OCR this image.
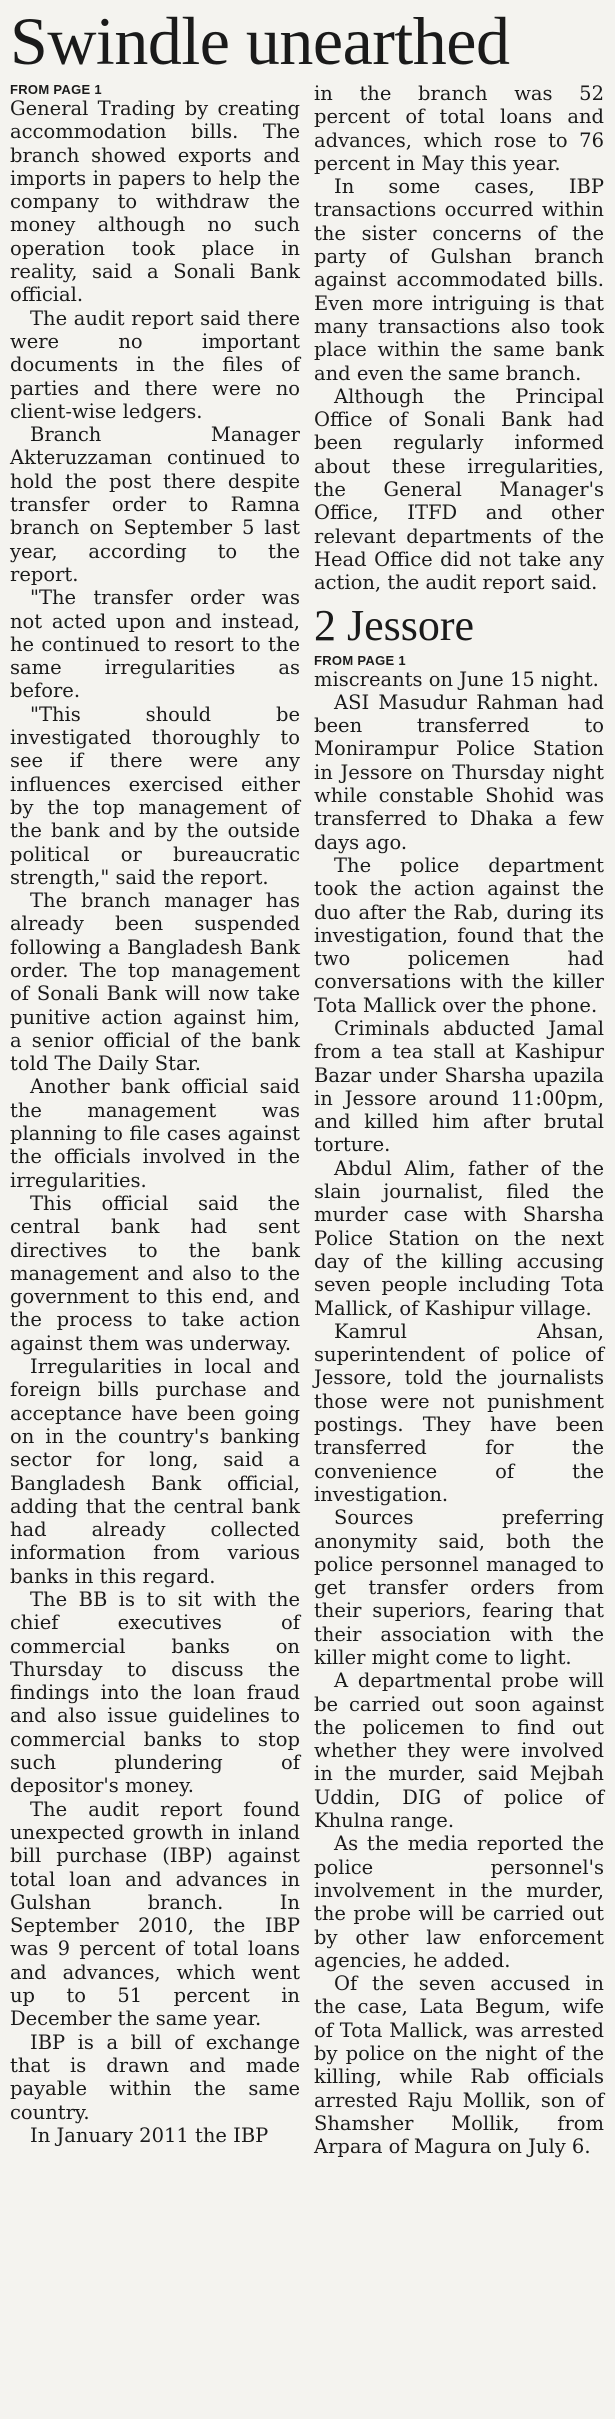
Swindle unearthed

FROM PAGE 1

General Trading by creating accommodation bills. The branch showed exports and imports in papers to help the company to withdraw the money although no such operation took place in reality, said a Sonali Bank official.

The audit report said there were no important documents in the files of parties and there were no client-wise ledgers.

Branch Manager Akteruzzaman continued to hold the post there despite transfer order to Ramna branch on September 5 last year, according to the report.

"The transfer order was not acted upon and instead, he continued to resort to the same irregularities as before.

"This should be investigated thoroughly to see if there were any influences exercised either by the top management of the bank and by the outside political or bureaucratic strength," said the report.

The branch manager has already been suspended following a Bangladesh Bank order. The top management of Sonali Bank will now take punitive action against him, a senior official of the bank told The Daily Star.

Another bank official said the management was planning to file cases against the officials involved in the irregularities.

This official said the central bank had sent directives to the bank management and also to the government to this end, and the process to take action against them was underway.

Irregularities in local and foreign bills purchase and acceptance have been going on in the country's banking sector for long, said a Bangladesh Bank official, adding that the central bank had already collected information from various banks in this regard.

The BB is to sit with the chief executives of commercial banks on Thursday to discuss the findings into the loan fraud and also issue guidelines to commercial banks to stop such plundering of depositor's money.

The audit report found unexpected growth in inland bill purchase (IBP) against total loan and advances in Gulshan branch. In September 2010, the IBP was 9 percent of total loans and advances, which went up to 51 percent in December the same year.

IBP is a bill of exchange that is drawn and made payable within the same country.

In January 2011 the IBP

in the branch was 52 percent of total loans and advances, which rose to 76 percent in May this year.

In some cases, IBP transactions occurred within the sister concerns of the party of Gulshan branch against accommodated bills. Even more intriguing is that many transactions also took place within the same bank and even the same branch.

Although the Principal Office of Sonali Bank had been regularly informed about these irregularities, the General Manager's Office, ITFD and other relevant departments of the Head Office did not take any action, the audit report said.

2 Jessore

FROM PAGE 1

miscreants on June 15 night.

ASI Masudur Rahman had been transferred to Monirampur Police Station in Jessore on Thursday night while constable Shohid was transferred to Dhaka a few days ago.

The police department took the action against the duo after the Rab, during its investigation, found that the two policemen had conversations with the killer Tota Mallick over the phone.

Criminals abducted Jamal from a tea stall at Kashipur Bazar under Sharsha upazila in Jessore around 11:00pm, and killed him after brutal torture.

Abdul Alim, father of the slain journalist, filed the murder case with Sharsha Police Station on the next day of the killing accusing seven people including Tota Mallick, of Kashipur village.

Kamrul Ahsan, superintendent of police of Jessore, told the journalists those were not punishment postings. They have been transferred for the convenience of the investigation.

Sources preferring anonymity said, both the police personnel managed to get transfer orders from their superiors, fearing that their association with the killer might come to light.

A departmental probe will be carried out soon against the policemen to find out whether they were involved in the murder, said Mejbah Uddin, DIG of police of Khulna range.

As the media reported the police personnel's involvement in the murder, the probe will be carried out by other law enforcement agencies, he added.

Of the seven accused in the case, Lata Begum, wife of Tota Mallick, was arrested by police on the night of the killing, while Rab officials arrested Raju Mollik, son of Shamsher Mollik, from Arpara of Magura on July 6.
